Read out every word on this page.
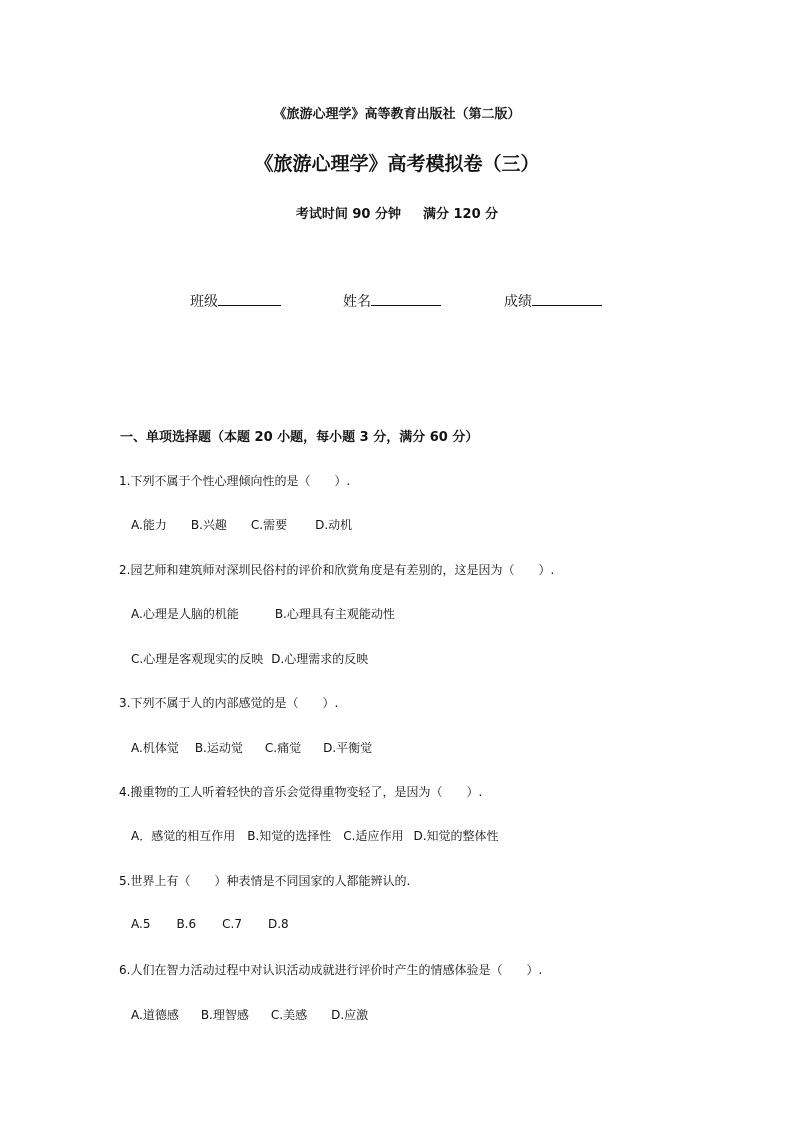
《旅游心理学》高等教育出版社（第二版）
《旅游心理学》高考模拟卷（三）
考试时间 90 分钟 满分 120 分
班级	姓名	成绩
一、单项选择题（本题 20 小题，每小题 3 分，满分 60 分）
1.下列不属于个性心理倾向性的是（　　）.
A.能力 B.兴趣 C.需要 D.动机
2.园艺师和建筑师对深圳民俗村的评价和欣赏角度是有差别的，这是因为（　　）.
A.心理是人脑的机能	B.心理具有主观能动性
C.心理是客观现实的反映 D.心理需求的反映
3.下列不属于人的内部感觉的是（　　）.
A.机体觉 B.运动觉 C.痛觉 D.平衡觉
4.搬重物的工人听着轻快的音乐会觉得重物变轻了，是因为（　　）.
A．感觉的相互作用 B.知觉的选择性 C.适应作用 D.知觉的整体性
5.世界上有（　　）种表情是不同国家的人都能辨认的.
A.5 B.6 C.7 D.8
6.人们在智力活动过程中对认识活动成就进行评价时产生的情感体验是（　　）.
A.道德感 B.理智感 C.美感 D.应激
